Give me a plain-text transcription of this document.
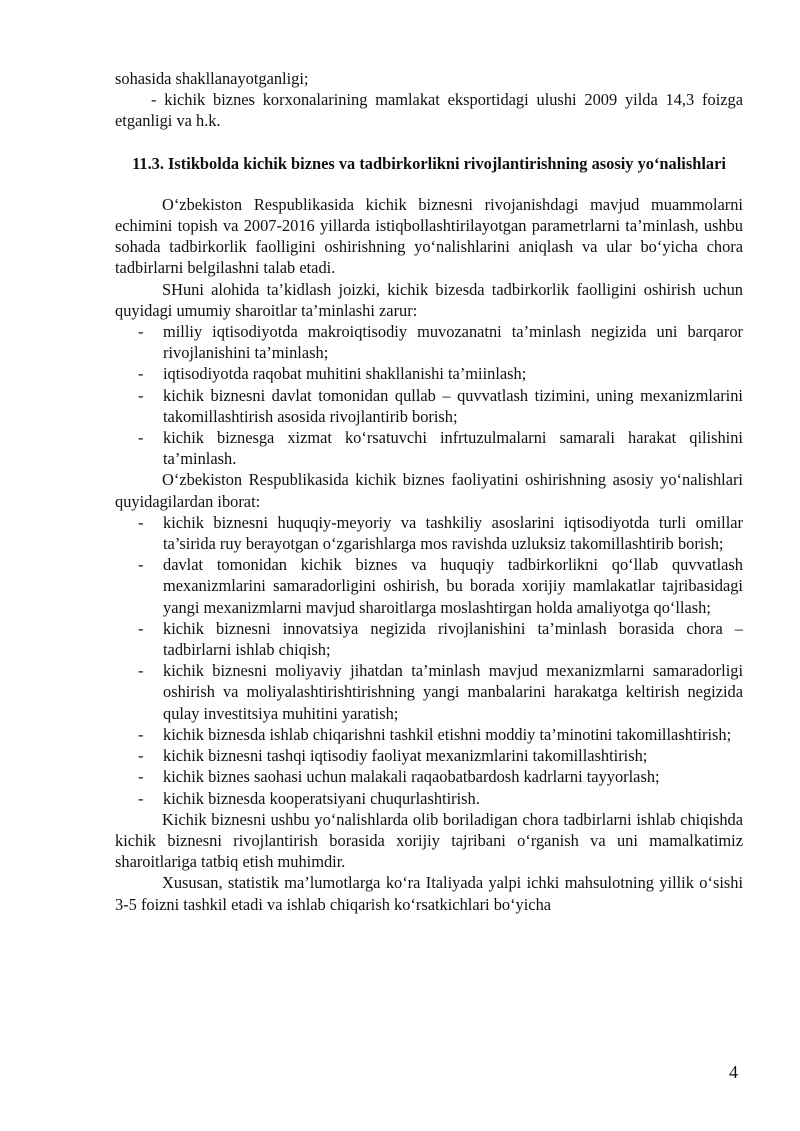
sohasida shakllanayotganligi;

- kichik biznes korxonalarining mamlakat eksportidagi ulushi 2009 yilda 14,3 foizga etganligi va h.k.

11.3. Istikbolda kichik biznes va tadbirkorlikni rivojlantirishning asosiy yo‘nalishlari

O‘zbekiston Respublikasida kichik biznesni rivojanishdagi mavjud muammolarni echimini topish va 2007-2016 yillarda istiqbollashtirilayotgan parametrlarni ta’minlash, ushbu sohada tadbirkorlik faolligini oshirishning yo‘nalishlarini aniqlash va ular bo‘yicha chora tadbirlarni belgilashni talab etadi.

SHuni alohida ta’kidlash joizki, kichik bizesda tadbirkorlik faolligini oshirish uchun quyidagi umumiy sharoitlar ta’minlashi zarur:

- milliy iqtisodiyotda makroiqtisodiy muvozanatni ta’minlash negizida uni barqaror rivojlanishini ta’minlash;
- iqtisodiyotda raqobat muhitini shakllanishi ta’miinlash;
- kichik biznesni davlat tomonidan qullab – quvvatlash tizimini, uning mexanizmlarini takomillashtirish asosida rivojlantirib borish;
- kichik biznesga xizmat ko‘rsatuvchi infrtuzulmalarni samarali harakat qilishini ta’minlash.

O‘zbekiston Respublikasida kichik biznes faoliyatini oshirishning asosiy yo‘nalishlari quyidagilardan iborat:

- kichik biznesni huquqiy-meyoriy va tashkiliy asoslarini iqtisodiyotda turli omillar ta’sirida ruy berayotgan o‘zgarishlarga mos ravishda uzluksiz takomillashtirib borish;
- davlat tomonidan kichik biznes va huquqiy tadbirkorlikni qo‘llab quvvatlash mexanizmlarini samaradorligini oshirish, bu borada xorijiy mamlakatlar tajribasidagi yangi mexanizmlarni mavjud sharoitlarga moslashtirgan holda amaliyotga qo‘llash;
- kichik biznesni innovatsiya negizida rivojlanishini ta’minlash borasida chora – tadbirlarni ishlab chiqish;
- kichik biznesni moliyaviy jihatdan ta’minlash mavjud mexanizmlarni samaradorligi oshirish va moliyalashtirishtirishning yangi manbalarini harakatga keltirish negizida qulay investitsiya muhitini yaratish;
- kichik biznesda ishlab chiqarishni tashkil etishni moddiy ta’minotini takomillashtirish;
- kichik biznesni tashqi iqtisodiy faoliyat mexanizmlarini takomillashtirish;
- kichik biznes saohasi uchun malakali raqaobatbardosh kadrlarni tayyorlash;
- kichik biznesda kooperatsiyani chuqurlashtirish.

Kichik biznesni ushbu yo‘nalishlarda olib boriladigan chora tadbirlarni ishlab chiqishda kichik biznesni rivojlantirish borasida xorijiy tajribani o‘rganish va uni mamalkatimiz sharoitlariga tatbiq etish muhimdir.

Xususan, statistik ma’lumotlarga ko‘ra Italiyada yalpi ichki mahsulotning yillik o‘sishi 3-5 foizni tashkil etadi va ishlab chiqarish ko‘rsatkichlari bo‘yicha

4
